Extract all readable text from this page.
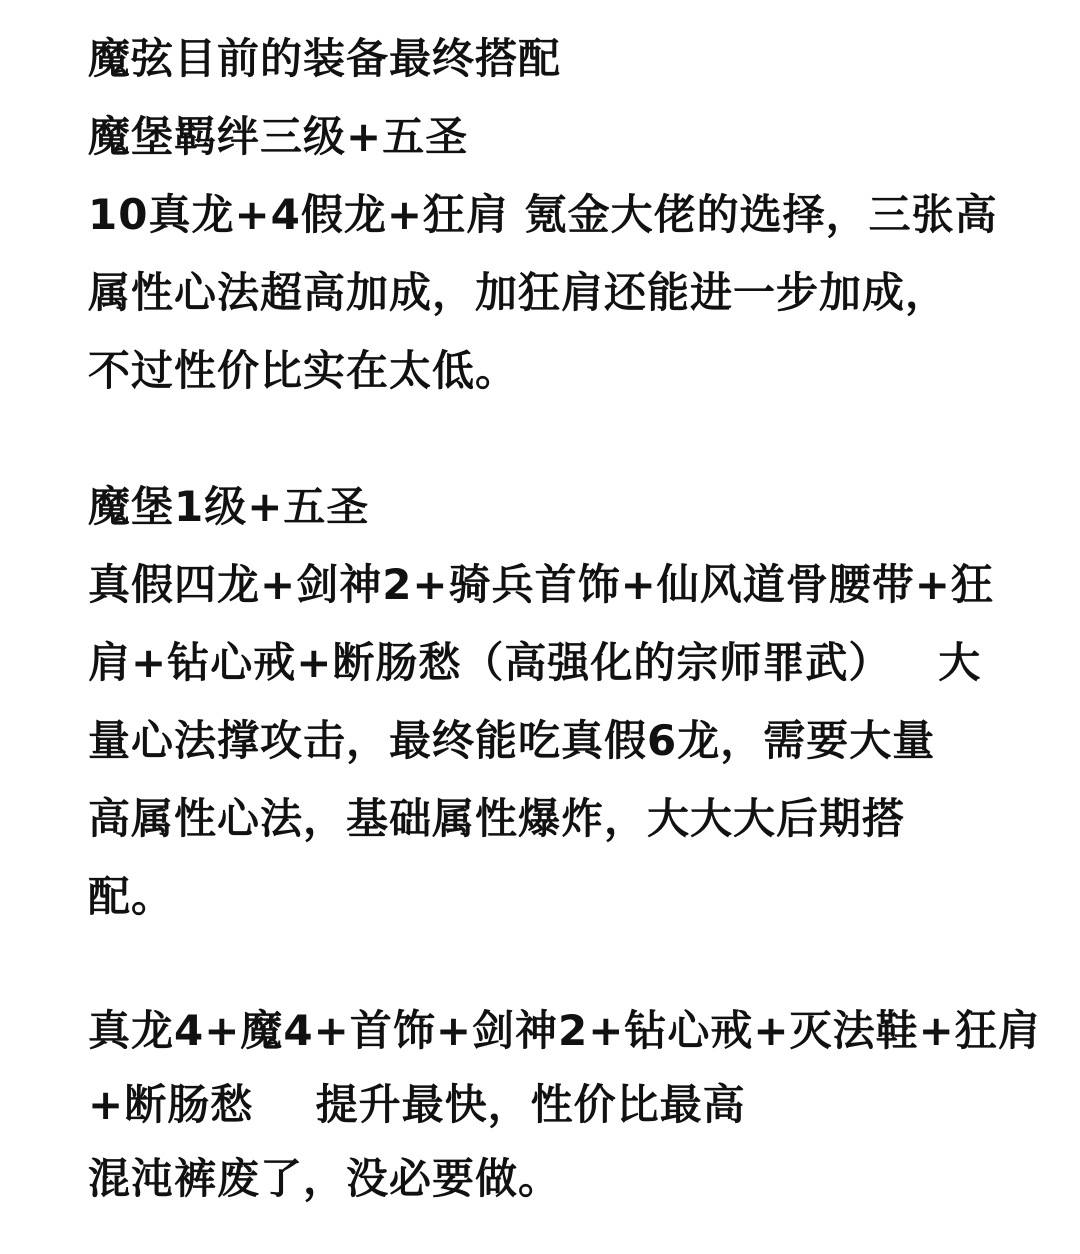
魔弦目前的装备最终搭配
魔堡羁绊三级+五圣
10真龙+4假龙+狂肩 氪金大佬的选择，三张高
属性心法超高加成，加狂肩还能进一步加成，
不过性价比实在太低。
魔堡1级+五圣
真假四龙+剑神2+骑兵首饰+仙风道骨腰带+狂
肩+钻心戒+断肠愁（高强化的宗师罪武）   大
量心法撑攻击，最终能吃真假6龙，需要大量
高属性心法，基础属性爆炸，大大大后期搭
配。
真龙4+魔4+首饰+剑神2+钻心戒+灭法鞋+狂肩
+断肠愁    提升最快，性价比最高
混沌裤废了，没必要做。
